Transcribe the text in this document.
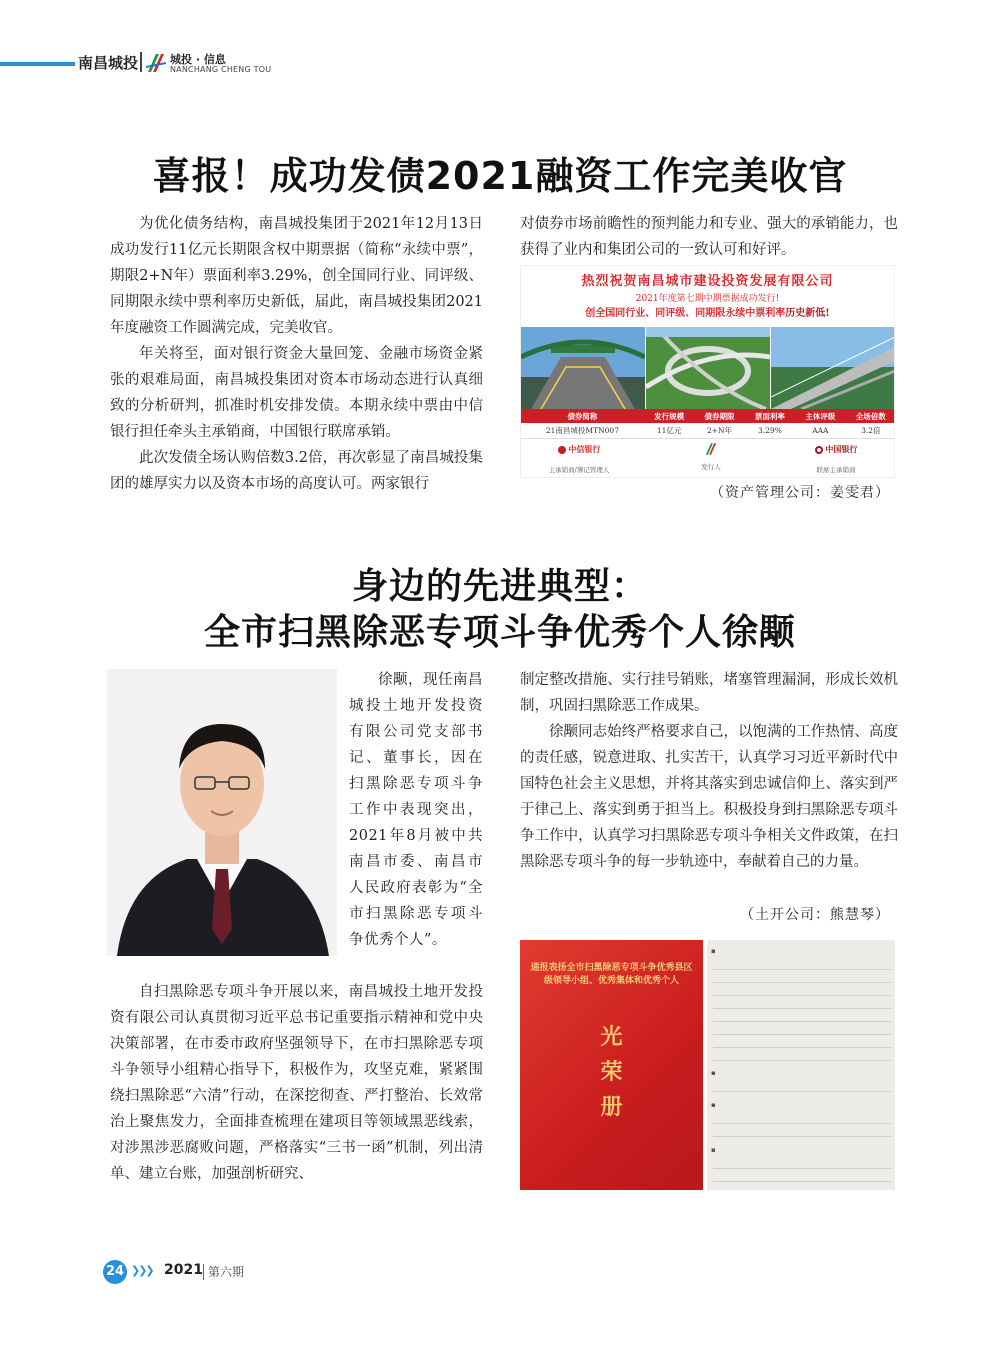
南昌城投	城投 · 信息
NANCHANG CHENG TOU
喜报！成功发债2021融资工作完美收官

为优化债务结构，南昌城投集团于2021年12月13日成功发行11亿元长期限含权中期票据（简称“永续中票”，期限2+N年）票面利率3.29%，创全国同行业、同评级、同期限永续中票利率历史新低，届此，南昌城投集团2021年度融资工作圆满完成，完美收官。

年关将至，面对银行资金大量回笼、金融市场资金紧张的艰难局面，南昌城投集团对资本市场动态进行认真细致的分析研判，抓准时机安排发债。本期永续中票由中信银行担任牵头主承销商，中国银行联席承销。

此次发债全场认购倍数3.2倍，再次彰显了南昌城投集团的雄厚实力以及资本市场的高度认可。两家银行

对债券市场前瞻性的预判能力和专业、强大的承销能力，也获得了业内和集团公司的一致认可和好评。

热烈祝贺南昌城市建设投资发展有限公司
2021年度第七期中期票据成功发行!
创全国同行业、同评级、同期限永续中票利率历史新低!
债券简称	发行规模	债券期限	票面利率	主体评级	全场倍数
21南昌城投MTN007	11亿元	2+N年	3.29%	AAA	3.2倍
中信银行
主承销商/簿记管理人	发行人
中国银行
联席主承销商
（资产管理公司：姜雯君）
身边的先进典型：
全市扫黑除恶专项斗争优秀个人徐颙

徐颙，现任南昌城投土地开发投资有限公司党支部书记、董事长，因在扫黑除恶专项斗争工作中表现突出，2021年8月被中共南昌市委、南昌市人民政府表彰为“全市扫黑除恶专项斗争优秀个人”。

自扫黑除恶专项斗争开展以来，南昌城投土地开发投资有限公司认真贯彻习近平总书记重要指示精神和党中央决策部署，在市委市政府坚强领导下，在市扫黑除恶专项斗争领导小组精心指导下，积极作为，攻坚克难，紧紧围绕扫黑除恶“六清”行动，在深挖彻查、严打整治、长效常治上聚焦发力，全面排查梳理在建项目等领域黑恶线索，对涉黑涉恶腐败问题，严格落实“三书一函”机制，列出清单、建立台账，加强剖析研究、

制定整改措施、实行挂号销账，堵塞管理漏洞，形成长效机制，巩固扫黑除恶工作成果。

徐颙同志始终严格要求自己，以饱满的工作热情、高度的责任感，锐意进取、扎实苦干，认真学习习近平新时代中国特色社会主义思想，并将其落实到忠诚信仰上、落实到严于律己上、落实到勇于担当上。积极投身到扫黑除恶专项斗争工作中，认真学习扫黑除恶专项斗争相关文件政策，在扫黑除恶专项斗争的每一步轨迹中，奉献着自己的力量。

（土开公司：熊慧琴）
通报表扬全市扫黑除恶专项斗争优秀县区级领导小组、优秀集体和优秀个人
光
荣
册
▪
▪
▪
▪
24 ❯❯❯ 2021 第六期
